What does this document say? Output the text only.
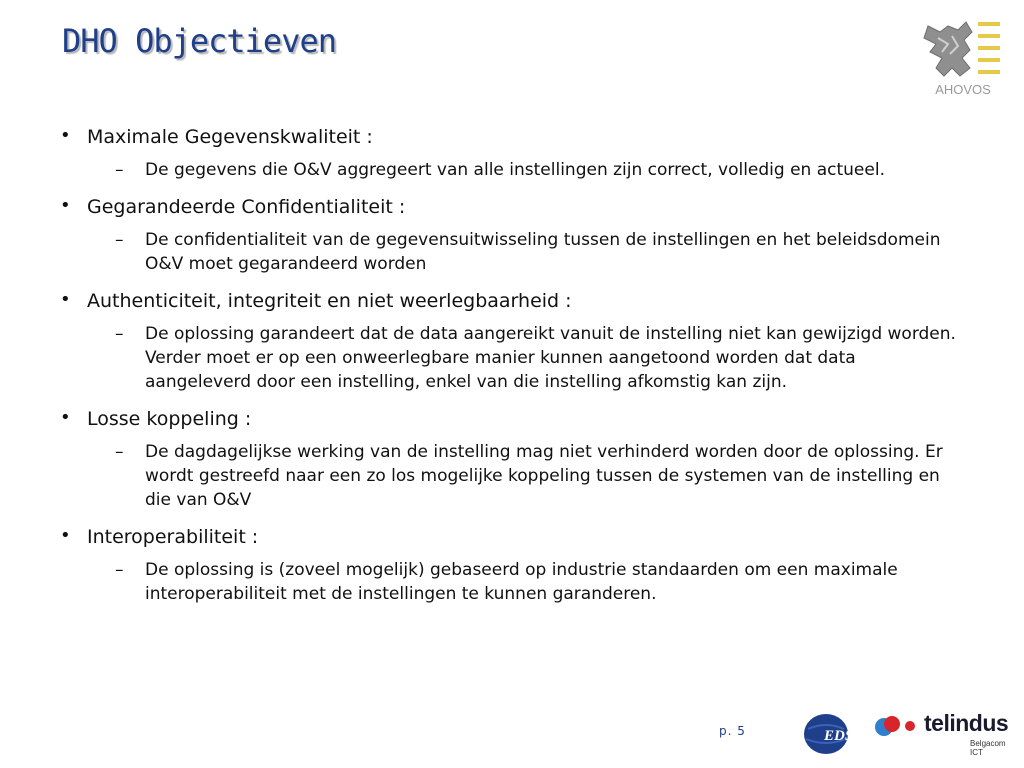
DHO Objectieven
AHOVOS
• Maximale Gegevenskwaliteit :
– De gegevens die O&V aggregeert van alle instellingen zijn correct, volledig en actueel.
• Gegarandeerde Confidentialiteit :
– De confidentialiteit van de gegevensuitwisseling tussen de instellingen en het beleidsdomein O&V moet gegarandeerd worden
• Authenticiteit, integriteit en niet weerlegbaarheid :
– De oplossing garandeert dat de data aangereikt vanuit de instelling niet kan gewijzigd worden. Verder moet er op een onweerlegbare manier kunnen aangetoond worden dat data aangeleverd door een instelling, enkel van die instelling afkomstig kan zijn.
• Losse koppeling :
– De dagdagelijkse werking van de instelling mag niet verhinderd worden door de oplossing. Er wordt gestreefd naar een zo los mogelijke koppeling tussen de systemen van de instelling en die van O&V
• Interoperabiliteit :
– De oplossing is (zoveel mogelijk) gebaseerd op industrie standaarden om een maximale interoperabiliteit met de instellingen te kunnen garanderen.
p. 5	EDS	telindus
Belgacom ICT
